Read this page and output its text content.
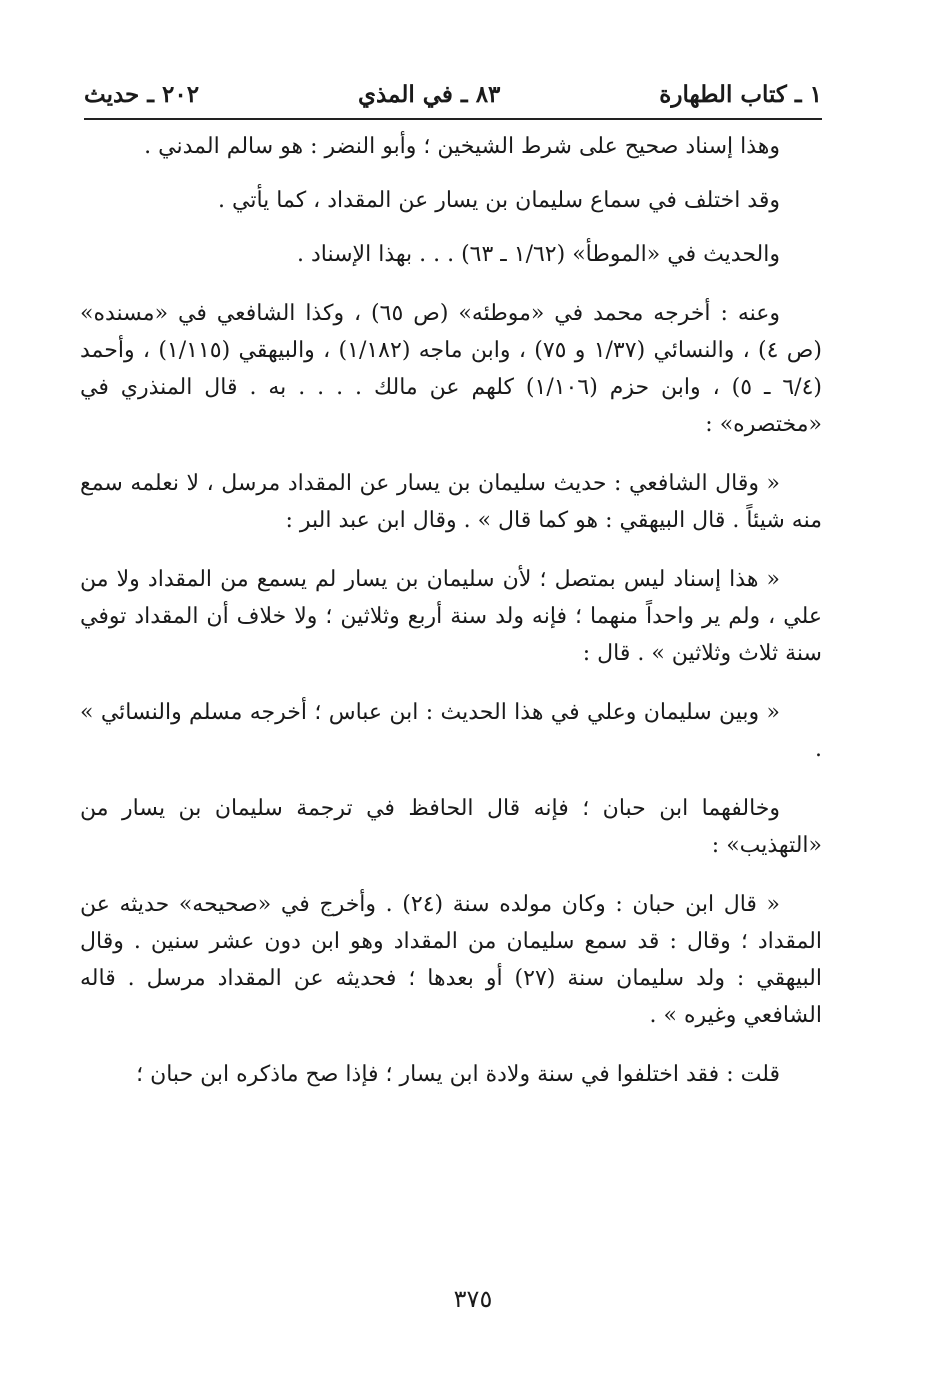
١ ـ كتاب الطهارة
٨٣ ـ في المذي
٢٠٢ ـ حديث

وهذا إسناد صحيح على شرط الشيخين ؛ وأبو النضر : هو سالم المدني .

وقد اختلف في سماع سليمان بن يسار عن المقداد ، كما يأتي .

والحديث في «الموطأ» (١/٦٢ ـ ٦٣) . . . بهذا الإسناد .

وعنه : أخرجه محمد في «موطئه» (ص ٦٥) ، وكذا الشافعي في «مسنده» (ص ٤) ، والنسائي (١/٣٧ و ٧٥) ، وابن ماجه (١/١٨٢) ، والبيهقي (١/١١٥) ، وأحمد (٦/٤ ـ ٥) ، وابن حزم (١/١٠٦) كلهم عن مالك . . . . به . قال المنذري في «مختصره» :

« وقال الشافعي : حديث سليمان بن يسار عن المقداد مرسل ، لا نعلمه سمع منه شيئاً . قال البيهقي : هو كما قال » . وقال ابن عبد البر :

« هذا إسناد ليس بمتصل ؛ لأن سليمان بن يسار لم يسمع من المقداد ولا من علي ، ولم ير واحداً منهما ؛ فإنه ولد سنة أربع وثلاثين ؛ ولا خلاف أن المقداد توفي سنة ثلاث وثلاثين » . قال :

« وبين سليمان وعلي في هذا الحديث : ابن عباس ؛ أخرجه مسلم والنسائي » .

وخالفهما ابن حبان ؛ فإنه قال الحافظ في ترجمة سليمان بن يسار من «التهذيب» :

« قال ابن حبان : وكان مولده سنة (٢٤) . وأخرج في «صحيحه» حديثه عن المقداد ؛ وقال : قد سمع سليمان من المقداد وهو ابن دون عشر سنين . وقال البيهقي : ولد سليمان سنة (٢٧) أو بعدها ؛ فحديثه عن المقداد مرسل . قاله الشافعي وغيره » .

قلت : فقد اختلفوا في سنة ولادة ابن يسار ؛ فإذا صح ماذكره ابن حبان ؛

٣٧٥
